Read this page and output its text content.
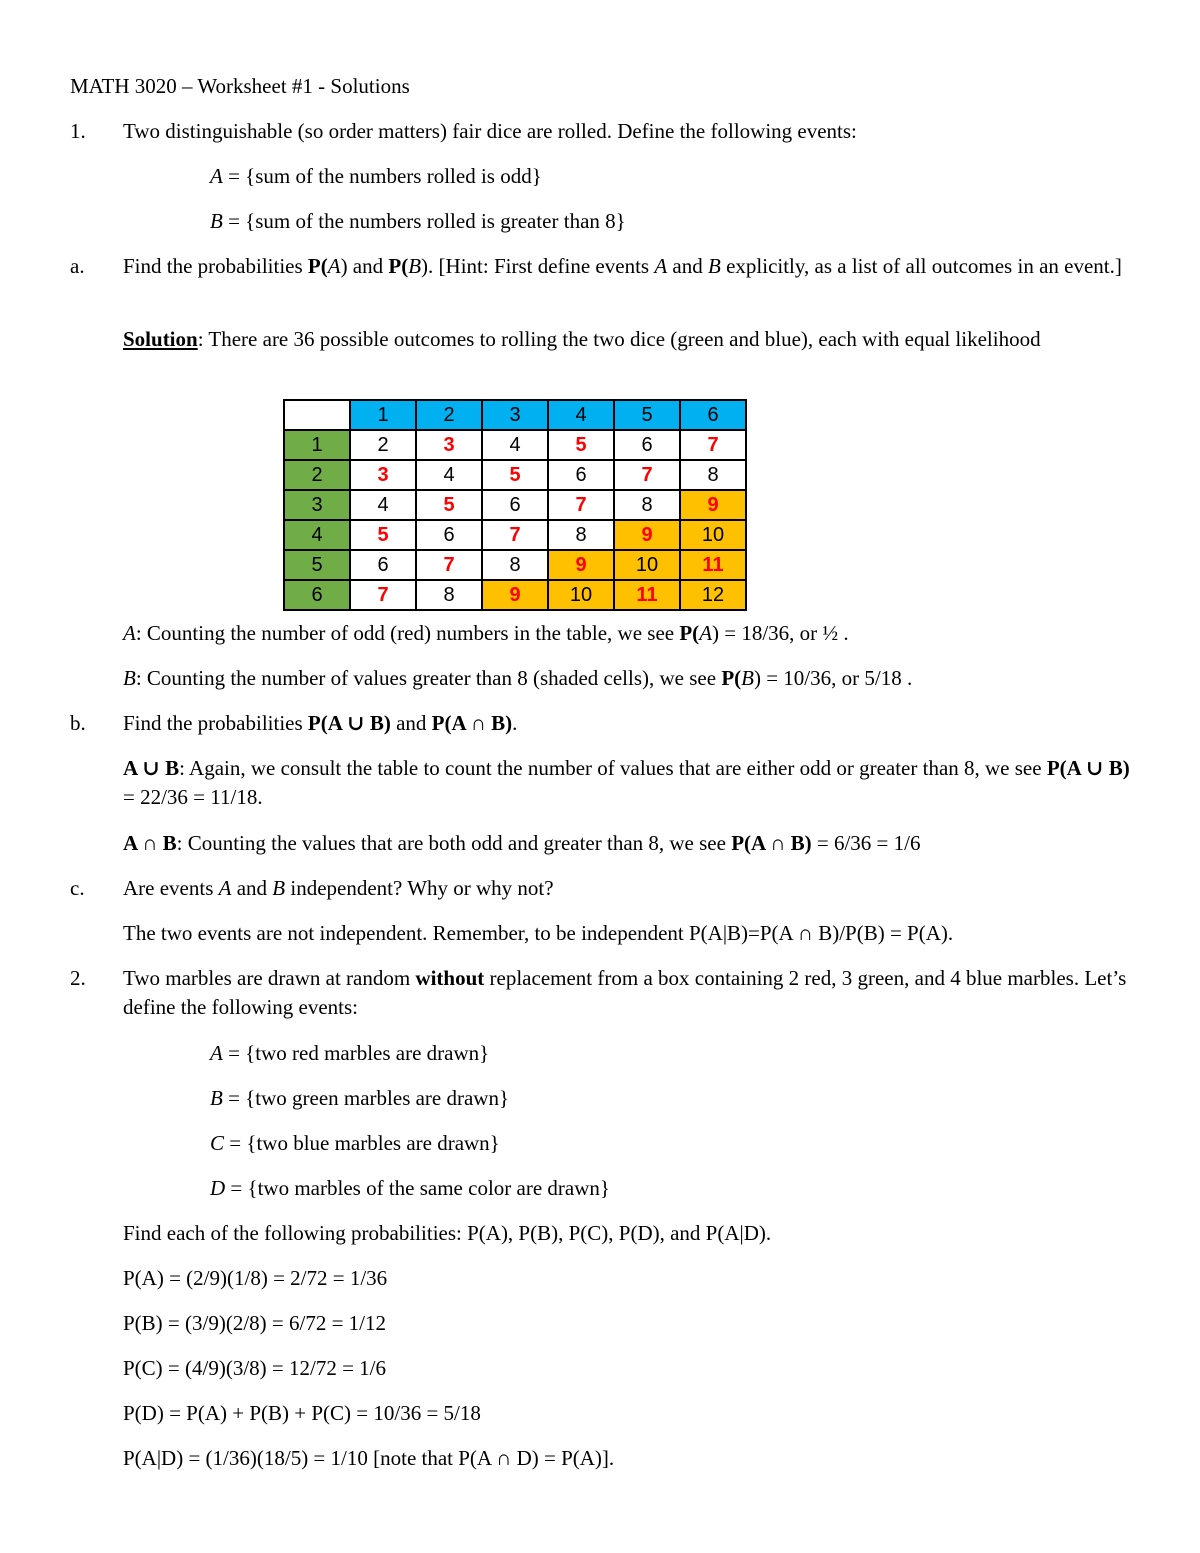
MATH 3020 – Worksheet #1 - Solutions
1. Two distinguishable (so order matters) fair dice are rolled. Define the following events:
A = {sum of the numbers rolled is odd}
B = {sum of the numbers rolled is greater than 8}
a. Find the probabilities P(A) and P(B). [Hint: First define events A and B explicitly, as a list of all outcomes in an event.]
Solution: There are 36 possible outcomes to rolling the two dice (green and blue), each with equal likelihood
	1	2	3	4	5	6
1	2	3	4	5	6	7
2	3	4	5	6	7	8
3	4	5	6	7	8	9
4	5	6	7	8	9	10
5	6	7	8	9	10	11
6	7	8	9	10	11	12
A: Counting the number of odd (red) numbers in the table, we see P(A) = 18/36, or ½ .
B: Counting the number of values greater than 8 (shaded cells), we see P(B) = 10/36, or 5/18 .
b. Find the probabilities P(A ∪ B) and P(A ∩ B).
A ∪ B: Again, we consult the table to count the number of values that are either odd or greater than 8, we see P(A ∪ B) = 22/36 = 11/18.
A ∩ B: Counting the values that are both odd and greater than 8, we see P(A ∩ B) = 6/36 = 1/6
c. Are events A and B independent? Why or why not?
The two events are not independent. Remember, to be independent P(A|B)=P(A ∩ B)/P(B) = P(A).
2. Two marbles are drawn at random without replacement from a box containing 2 red, 3 green, and 4 blue marbles. Let’s define the following events:
A = {two red marbles are drawn}
B = {two green marbles are drawn}
C = {two blue marbles are drawn}
D = {two marbles of the same color are drawn}
Find each of the following probabilities: P(A), P(B), P(C), P(D), and P(A|D).
P(A) = (2/9)(1/8) = 2/72 = 1/36
P(B) = (3/9)(2/8) = 6/72 = 1/12
P(C) = (4/9)(3/8) = 12/72 = 1/6
P(D) = P(A) + P(B) + P(C) = 10/36 = 5/18
P(A|D) = (1/36)(18/5) = 1/10 [note that P(A ∩ D) = P(A)].
